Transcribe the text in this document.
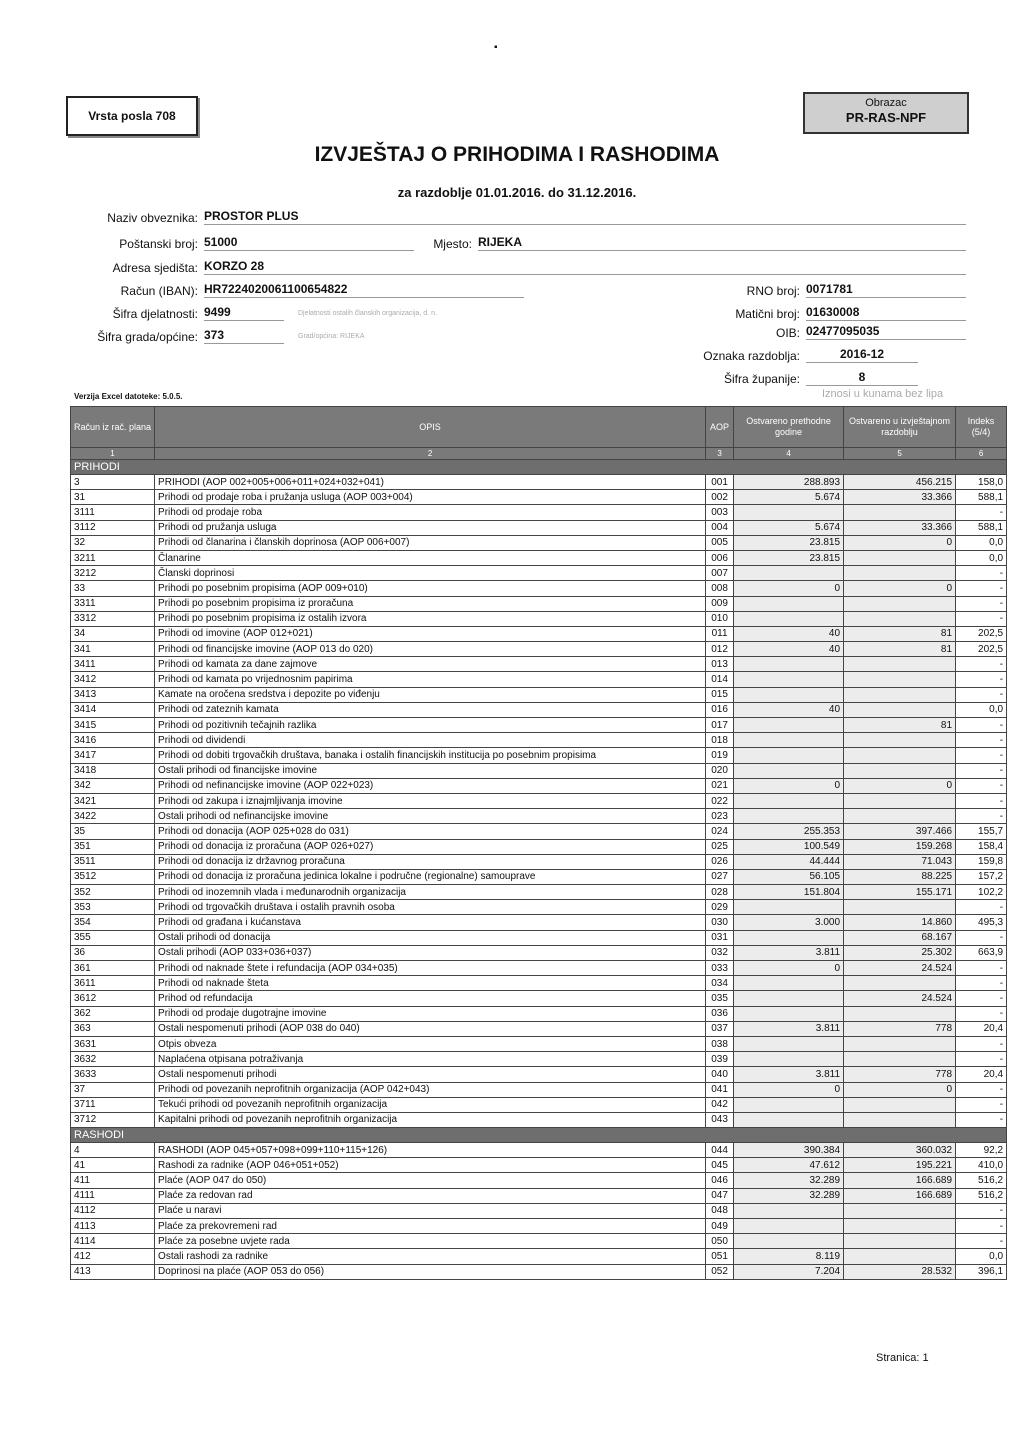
▪
Vrsta posla 708
Obrazac
PR-RAS-NPF
IZVJEŠTAJ O PRIHODIMA I RASHODIMA
za razdoblje 01.01.2016. do 31.12.2016.
Naziv obveznika: PROSTOR PLUS
Poštanski broj: 51000	Mjesto: RIJEKA
Adresa sjedišta: KORZO 28
Račun (IBAN): HR7224020061100654822	RNO broj: 0071781
Šifra djelatnosti: 9499	Djelatnosti ostalih članskih organizacija, d. n.	Matični broj: 01630008
Šifra grada/općine: 373	Grad/općina: RIJEKA	OIB: 02477095035
Oznaka razdoblja:	2016-12
Šifra županije:	8
Verzija Excel datoteke: 5.0.5.	Iznosi u kunama bez lipa
Račun iz rač. plana	OPIS	AOP	Ostvareno prethodne godine	Ostvareno u izvještajnom razdoblju	Indeks (5/4)
1	2	3	4	5	6
PRIHODI					
3	PRIHODI (AOP 002+005+006+011+024+032+041)	001	288.893	456.215	158,0
31	Prihodi od prodaje roba i pružanja usluga (AOP 003+004)	002	5.674	33.366	588,1
3111	Prihodi od prodaje roba	003			-
3112	Prihodi od pružanja usluga	004	5.674	33.366	588,1
32	Prihodi od članarina i članskih doprinosa (AOP 006+007)	005	23.815	0	0,0
3211	Članarine	006	23.815		0,0
3212	Članski doprinosi	007			-
33	Prihodi po posebnim propisima (AOP 009+010)	008	0	0	-
3311	Prihodi po posebnim propisima iz proračuna	009			-
3312	Prihodi po posebnim propisima iz ostalih izvora	010			-
34	Prihodi od imovine (AOP 012+021)	011	40	81	202,5
341	Prihodi od financijske imovine (AOP 013 do 020)	012	40	81	202,5
3411	Prihodi od kamata za dane zajmove	013			-
3412	Prihodi od kamata po vrijednosnim papirima	014			-
3413	Kamate na oročena sredstva i depozite po viđenju	015			-
3414	Prihodi od zateznih kamata	016	40		0,0
3415	Prihodi od pozitivnih tečajnih razlika	017		81	-
3416	Prihodi od dividendi	018			-
3417	Prihodi od dobiti trgovačkih društava, banaka i ostalih financijskih institucija po posebnim propisima	019			-
3418	Ostali prihodi od financijske imovine	020			-
342	Prihodi od nefinancijske imovine (AOP 022+023)	021	0	0	-
3421	Prihodi od zakupa i iznajmljivanja imovine	022			-
3422	Ostali prihodi od nefinancijske imovine	023			-
35	Prihodi od donacija (AOP 025+028 do 031)	024	255.353	397.466	155,7
351	Prihodi od donacija iz proračuna (AOP 026+027)	025	100.549	159.268	158,4
3511	Prihodi od donacija iz državnog proračuna	026	44.444	71.043	159,8
3512	Prihodi od donacija iz proračuna jedinica lokalne i područne (regionalne) samouprave	027	56.105	88.225	157,2
352	Prihodi od inozemnih vlada i međunarodnih organizacija	028	151.804	155.171	102,2
353	Prihodi od trgovačkih društava i ostalih pravnih osoba	029			-
354	Prihodi od građana i kućanstava	030	3.000	14.860	495,3
355	Ostali prihodi od donacija	031		68.167	-
36	Ostali prihodi (AOP 033+036+037)	032	3.811	25.302	663,9
361	Prihodi od naknade štete i refundacija (AOP 034+035)	033	0	24.524	-
3611	Prihodi od naknade šteta	034			-
3612	Prihod od refundacija	035		24.524	-
362	Prihodi od prodaje dugotrajne imovine	036			-
363	Ostali nespomenuti prihodi (AOP 038 do 040)	037	3.811	778	20,4
3631	Otpis obveza	038			-
3632	Naplaćena otpisana potraživanja	039			-
3633	Ostali nespomenuti prihodi	040	3.811	778	20,4
37	Prihodi od povezanih neprofitnih organizacija (AOP 042+043)	041	0	0	-
3711	Tekući prihodi od povezanih neprofitnih organizacija	042			-
3712	Kapitalni prihodi od povezanih neprofitnih organizacija	043			-
RASHODI					
4	RASHODI (AOP 045+057+098+099+110+115+126)	044	390.384	360.032	92,2
41	Rashodi za radnike (AOP 046+051+052)	045	47.612	195.221	410,0
411	Plaće (AOP 047 do 050)	046	32.289	166.689	516,2
4111	Plaće za redovan rad	047	32.289	166.689	516,2
4112	Plaće u naravi	048			-
4113	Plaće za prekovremeni rad	049			-
4114	Plaće za posebne uvjete rada	050			-
412	Ostali rashodi za radnike	051	8.119		0,0
413	Doprinosi na plaće (AOP 053 do 056)	052	7.204	28.532	396,1
Stranica: 1
